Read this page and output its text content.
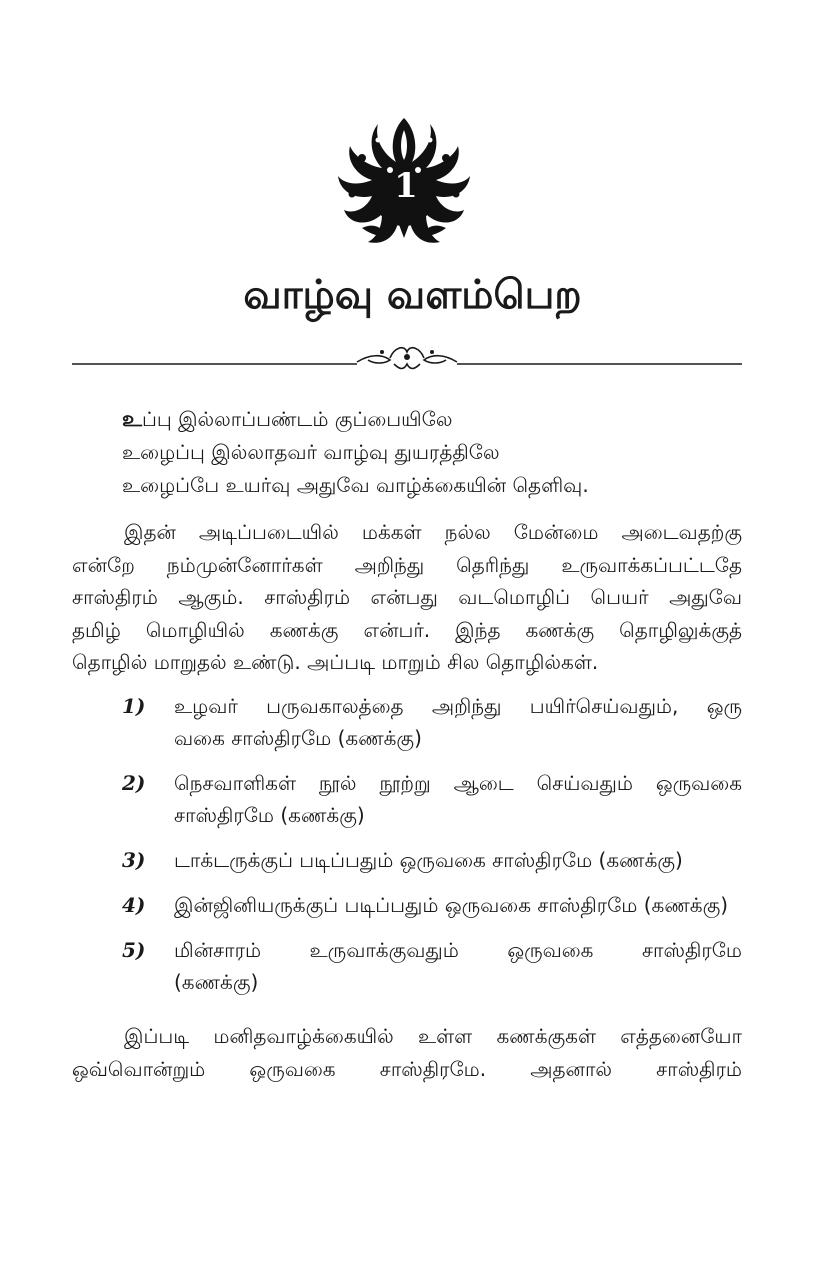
1
வாழ்வு வளம்பெற
உப்பு இல்லாப்பண்டம் குப்பையிலே
உழைப்பு இல்லாதவர் வாழ்வு துயரத்திலே
உழைப்பே உயர்வு அதுவே வாழ்க்கையின் தெளிவு.
இதன் அடிப்படையில் மக்கள் நல்ல மேன்மை அடைவதற்கு
என்றே நம்முன்னோர்கள் அறிந்து தெரிந்து உருவாக்கப்பட்டதே
சாஸ்திரம் ஆகும். சாஸ்திரம் என்பது வடமொழிப் பெயர் அதுவே
தமிழ் மொழியில் கணக்கு என்பர். இந்த கணக்கு தொழிலுக்குத்
தொழில் மாறுதல் உண்டு. அப்படி மாறும் சில தொழில்கள்.
1) உழவர் பருவகாலத்தை அறிந்து பயிர்செய்வதும், ஒரு
வகை சாஸ்திரமே (கணக்கு)
2) நெசவாளிகள் நூல் நூற்று ஆடை செய்வதும் ஒருவகை
சாஸ்திரமே (கணக்கு)
3) டாக்டருக்குப் படிப்பதும் ஒருவகை சாஸ்திரமே (கணக்கு)
4) இன்ஜினியருக்குப் படிப்பதும் ஒருவகை சாஸ்திரமே (கணக்கு)
5) மின்சாரம் உருவாக்குவதும் ஒருவகை சாஸ்திரமே
(கணக்கு)
இப்படி மனிதவாழ்க்கையில் உள்ள கணக்குகள் எத்தனையோ
ஒவ்வொன்றும் ஒருவகை சாஸ்திரமே. அதனால் சாஸ்திரம்
